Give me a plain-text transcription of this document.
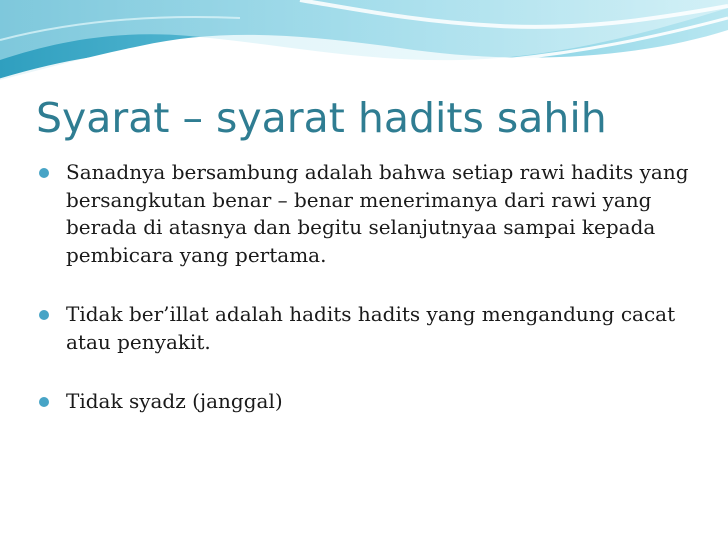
Syarat – syarat hadits sahih
Sanadnya bersambung adalah bahwa setiap rawi hadits yang bersangkutan benar – benar menerimanya dari rawi yang berada di atasnya dan begitu selanjutnyaa sampai kepada pembicara yang pertama.
Tidak ber’illat adalah hadits hadits yang mengandung cacat atau penyakit.
Tidak syadz (janggal)
